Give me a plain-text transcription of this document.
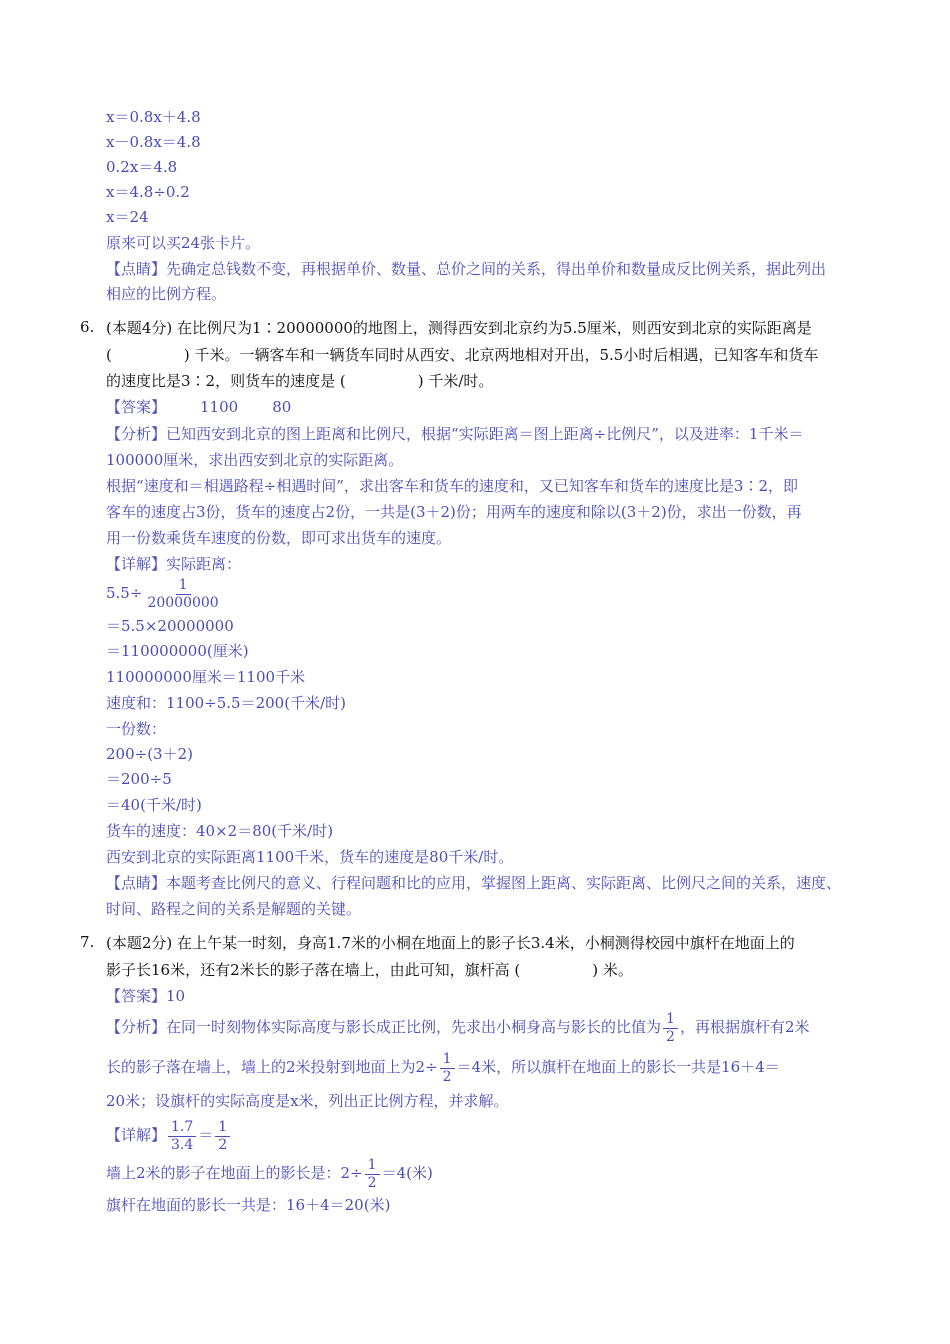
x＝0.8x＋4.8
x－0.8x＝4.8
0.2x＝4.8
x＝4.8÷0.2
x＝24
原来可以买24张卡片。
【点睛】先确定总钱数不变，再根据单价、数量、总价之间的关系，得出单价和数量成反比例关系，据此列出
相应的比例方程。
6. (本题4分) 在比例尺为1∶20000000的地图上，测得西安到北京约为5.5厘米，则西安到北京的实际距离是
(	) 千米。一辆客车和一辆货车同时从西安、北京两地相对开出，5.5小时后相遇，已知客车和货车
的速度比是3∶2，则货车的速度是 (	) 千米/时。
【答案】 1100 80
【分析】已知西安到北京的图上距离和比例尺，根据“实际距离＝图上距离÷比例尺”，以及进率：1千米＝
100000厘米，求出西安到北京的实际距离。
根据“速度和＝相遇路程÷相遇时间”，求出客车和货车的速度和，又已知客车和货车的速度比是3∶2，即
客车的速度占3份，货车的速度占2份，一共是(3＋2)份；用两车的速度和除以(3＋2)份，求出一份数，再
用一份数乘货车速度的份数，即可求出货车的速度。
【详解】实际距离：
$5.5\div \frac{1}{20000000}$
＝5.5×20000000
＝110000000(厘米)
110000000厘米＝1100千米
速度和：1100÷5.5＝200(千米/时)
一份数：
200÷(3＋2)
＝200÷5
＝40(千米/时)
货车的速度：40×2＝80(千米/时)
西安到北京的实际距离1100千米，货车的速度是80千米/时。
【点睛】本题考查比例尺的意义、行程问题和比的应用，掌握图上距离、实际距离、比例尺之间的关系，速度、
时间、路程之间的关系是解题的关键。
7. (本题2分) 在上午某一时刻，身高1.7米的小桐在地面上的影子长3.4米，小桐测得校园中旗杆在地面上的
影子长16米，还有2米长的影子落在墙上，由此可知，旗杆高 (	) 米。
【答案】10
【分析】在同一时刻物体实际高度与影长成正比例，先求出小桐身高与影长的比值为 $\frac{1}{2}$ ，再根据旗杆有2米
长的影子落在墙上，墙上的2米投射到地面上为$2\div \frac{1}{2} =4$米，所以旗杆在地面上的影长一共是16＋4＝
20米；设旗杆的实际高度是x米，列出正比例方程，并求解。
【详解】 $\frac{1.7}{3.4} = \frac{1}{2}$
墙上2米的影子在地面上的影长是：$2\div \frac{1}{2} =4$(米)
旗杆在地面的影长一共是：16＋4＝20(米)
